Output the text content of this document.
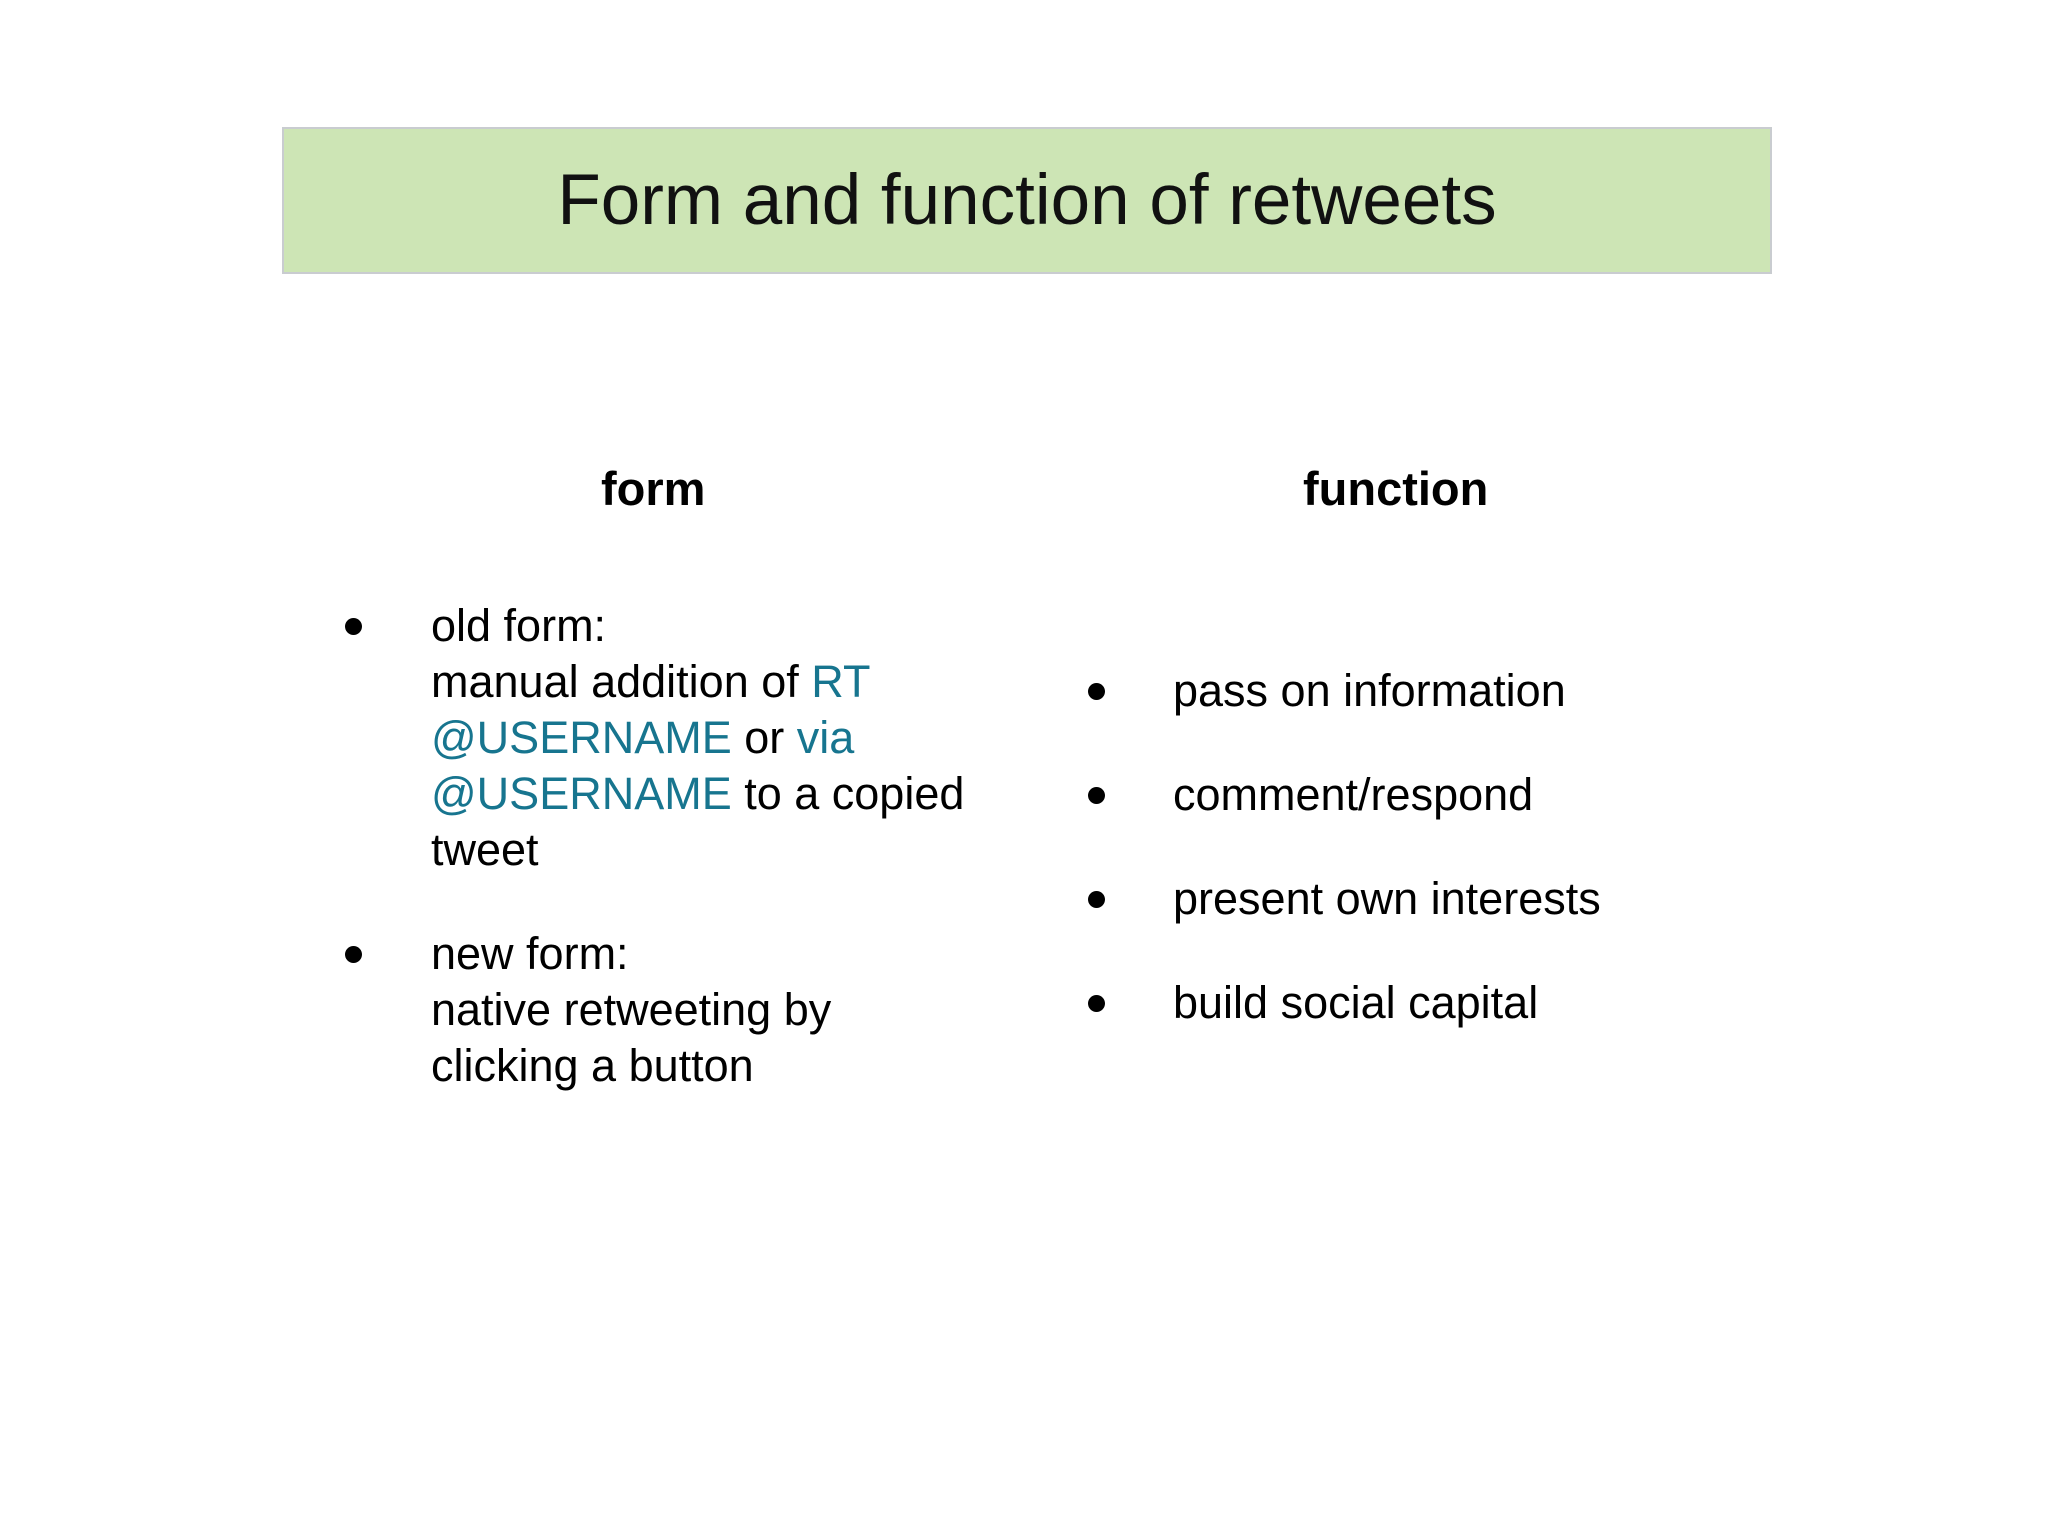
Form and function of retweets
form	function
old form:
manual addition of RT
@USERNAME or via
@USERNAME to a copied
tweet
new form:
native retweeting by
clicking a button
pass on information
comment/respond
present own interests
build social capital
